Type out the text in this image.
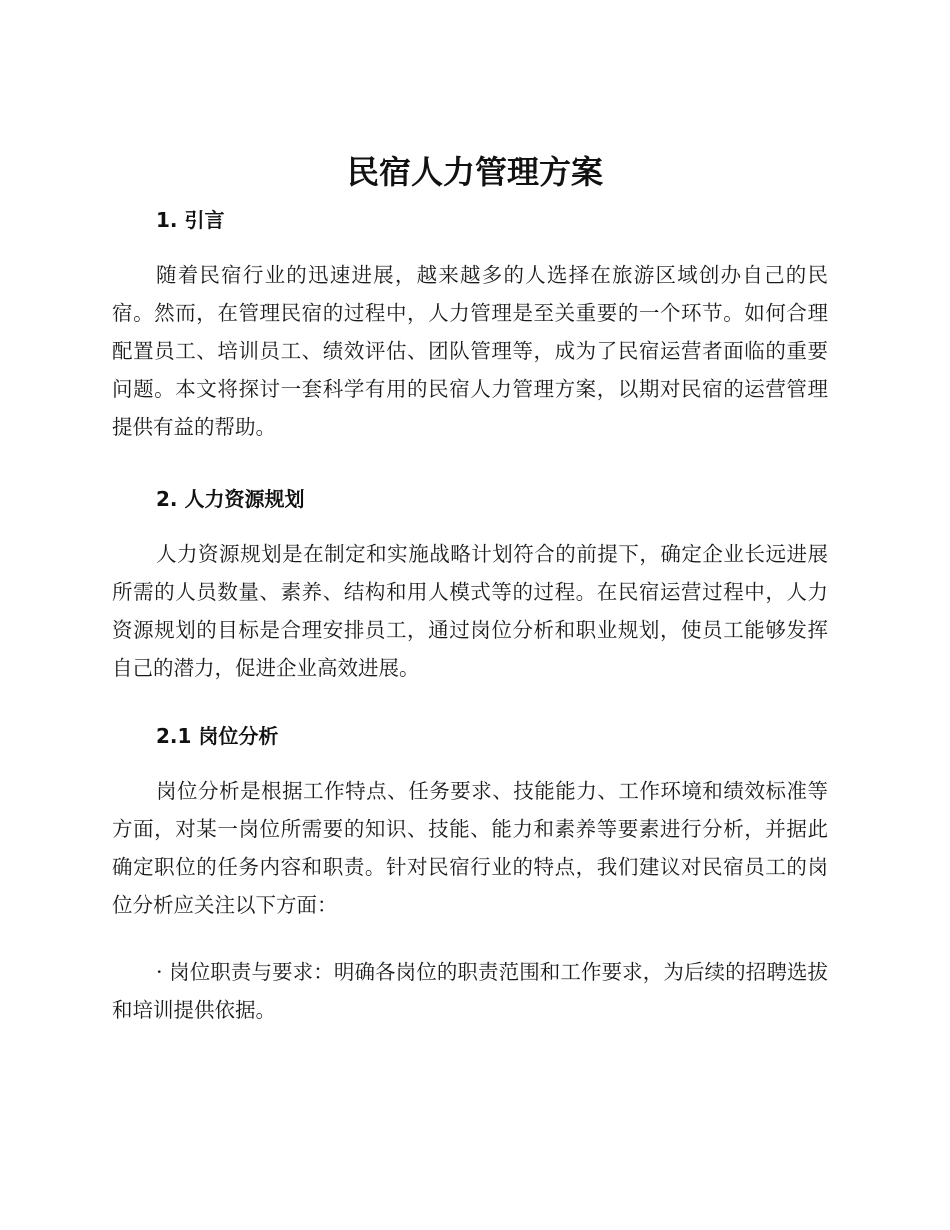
民宿人力管理方案
1. 引言

随着民宿行业的迅速进展，越来越多的人选择在旅游区域创办自己的民宿。然而，在管理民宿的过程中，人力管理是至关重要的一个环节。如何合理配置员工、培训员工、绩效评估、团队管理等，成为了民宿运营者面临的重要问题。本文将探讨一套科学有用的民宿人力管理方案，以期对民宿的运营管理提供有益的帮助。

2. 人力资源规划

人力资源规划是在制定和实施战略计划符合的前提下，确定企业长远进展所需的人员数量、素养、结构和用人模式等的过程。在民宿运营过程中，人力资源规划的目标是合理安排员工，通过岗位分析和职业规划，使员工能够发挥自己的潜力，促进企业高效进展。

2.1 岗位分析

岗位分析是根据工作特点、任务要求、技能能力、工作环境和绩效标准等方面，对某一岗位所需要的知识、技能、能力和素养等要素进行分析，并据此确定职位的任务内容和职责。针对民宿行业的特点，我们建议对民宿员工的岗位分析应关注以下方面：

· 岗位职责与要求：明确各岗位的职责范围和工作要求，为后续的招聘选拔和培训提供依据。
